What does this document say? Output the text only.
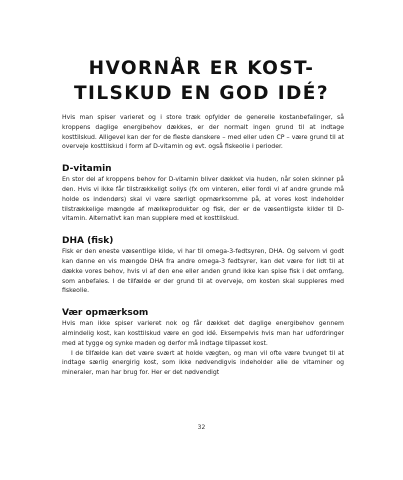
HVORNÅR ER KOST-
TILSKUD EN GOD IDÉ?

Hvis man spiser varieret og i store træk opfylder de generelle kostanbefalinger, så kroppens daglige energibehov dækkes, er der normalt ingen grund til at indtage kosttilskud. Alligevel kan der for de fleste danskere – med eller uden CP – være grund til at overveje kosttilskud i form af D-vitamin og evt. også fiskeolie i perioder.

D-vitamin

En stor del af kroppens behov for D-vitamin bliver dækket via huden, når solen skinner på den. Hvis vi ikke får tilstrækkeligt sollys (fx om vinteren, eller fordi vi af andre grunde må holde os indendørs) skal vi være særligt opmærksomme på, at vores kost indeholder tilstrækkelige mængde af mælkeprodukter og fisk, der er de væsentligste kilder til D-vitamin. Alternativt kan man supplere med et kosttilskud.

DHA (fisk)

Fisk er den eneste væsentlige kilde, vi har til omega-3-fedtsyren, DHA. Og selvom vi godt kan danne en vis mængde DHA fra andre omega-3 fedtsyrer, kan det være for lidt til at dække vores behov, hvis vi af den ene eller anden grund ikke kan spise fisk i det omfang, som anbefales. I de tilfælde er der grund til at overveje, om kosten skal suppleres med fiskeolie.

Vær opmærksom

Hvis man ikke spiser varieret nok og får dækket det daglige energibehov gennem almindelig kost, kan kosttilskud være en god idé. Eksempelvis hvis man har udfordringer med at tygge og synke maden og derfor må indtage tilpasset kost.

I de tilfælde kan det være svært at holde vægten, og man vil ofte være tvunget til at indtage særlig energirig kost, som ikke nødvendigvis indeholder alle de vitaminer og mineraler, man har brug for. Her er det nødvendigt

32
